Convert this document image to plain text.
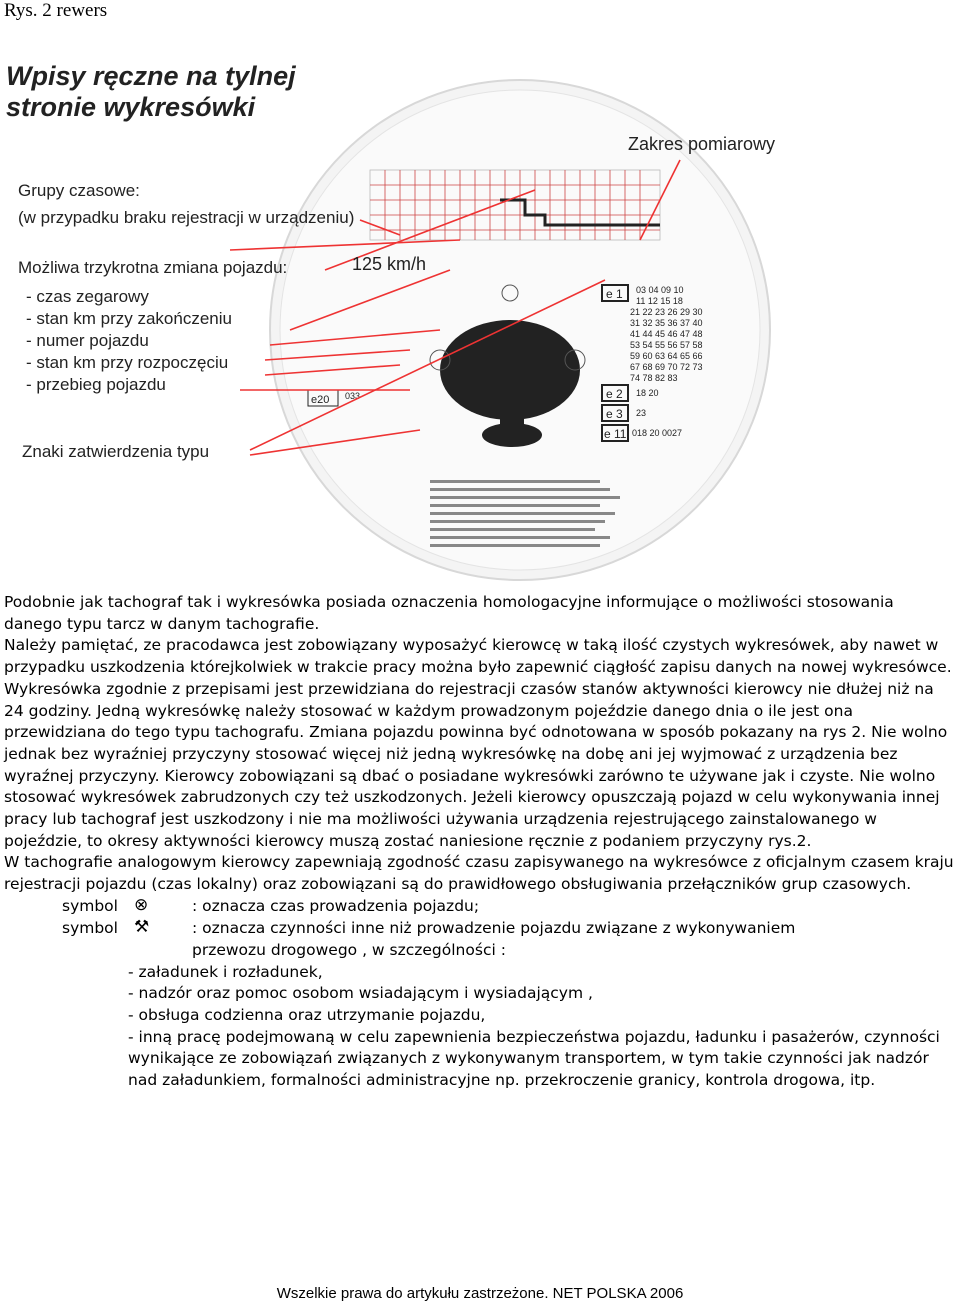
Rys. 2 rewers
e 1
e 2
e 3
e 11
03 04 09 10
11 12 15 18
21 22 23 26 29 30
31 32 35 36 37 40
41 44 45 46 47 48
53 54 55 56 57 58
59 60 63 64 65 66
67 68 69 70 72 73
74 78 82 83
18 20
23
018 20 0027
e20 033
Wpisy ręczne na tylnej
stronie wykresówki
Zakres pomiarowy
Grupy czasowe:
(w przypadku braku rejestracji w urządzeniu)
Możliwa trzykrotna zmiana pojazdu:	125 km/h
- czas zegarowy
- stan km przy zakończeniu
- numer pojazdu
- stan km przy rozpoczęciu
- przebieg pojazdu
Znaki zatwierdzenia typu

Podobnie jak tachograf tak i wykresówka posiada oznaczenia homologacyjne informujące o możliwości stosowania danego typu tarcz w danym tachografie.

Należy pamiętać, ze pracodawca jest zobowiązany wyposażyć kierowcę w taką ilość czystych wykresówek, aby nawet w przypadku uszkodzenia którejkolwiek w trakcie pracy można było zapewnić ciągłość zapisu danych na nowej wykresówce. Wykresówka zgodnie z przepisami jest przewidziana do rejestracji czasów stanów aktywności kierowcy nie dłużej niż na 24 godziny. Jedną wykresówkę należy stosować w każdym prowadzonym pojeździe danego dnia o ile jest ona przewidziana do tego typu tachografu. Zmiana pojazdu powinna być odnotowana w sposób pokazany na rys 2. Nie wolno jednak bez wyraźniej przyczyny stosować więcej niż jedną wykresówkę na dobę ani jej wyjmować z urządzenia bez wyraźnej przyczyny. Kierowcy zobowiązani są dbać o posiadane wykresówki zarówno te używane jak i czyste. Nie wolno stosować wykresówek zabrudzonych czy też uszkodzonych. Jeżeli kierowcy opuszczają pojazd w celu wykonywania innej pracy lub tachograf jest uszkodzony i nie ma możliwości używania urządzenia rejestrującego zainstalowanego w pojeździe, to okresy aktywności kierowcy muszą zostać naniesione ręcznie z podaniem przyczyny rys.2.

W tachografie analogowym kierowcy zapewniają zgodność czasu zapisywanego na wykresówce z oficjalnym czasem kraju rejestracji pojazdu (czas lokalny) oraz zobowiązani są do prawidłowego obsługiwania przełączników grup czasowych.

symbol ⊗	: oznacza czas prowadzenia pojazdu;
symbol ⚒	: oznacza czynności inne niż prowadzenie pojazdu związane z wykonywaniem
przewozu drogowego , w szczególności :

- załadunek i rozładunek,

- nadzór oraz pomoc osobom wsiadającym i wysiadającym ,

- obsługa codzienna oraz utrzymanie pojazdu,

- inną pracę podejmowaną w celu zapewnienia bezpieczeństwa pojazdu, ładunku i pasażerów, czynności wynikające ze zobowiązań związanych z wykonywanym transportem, w tym takie czynności jak nadzór nad załadunkiem, formalności administracyjne np. przekroczenie granicy, kontrola drogowa, itp.

Wszelkie prawa do artykułu zastrzeżone. NET POLSKA 2006
